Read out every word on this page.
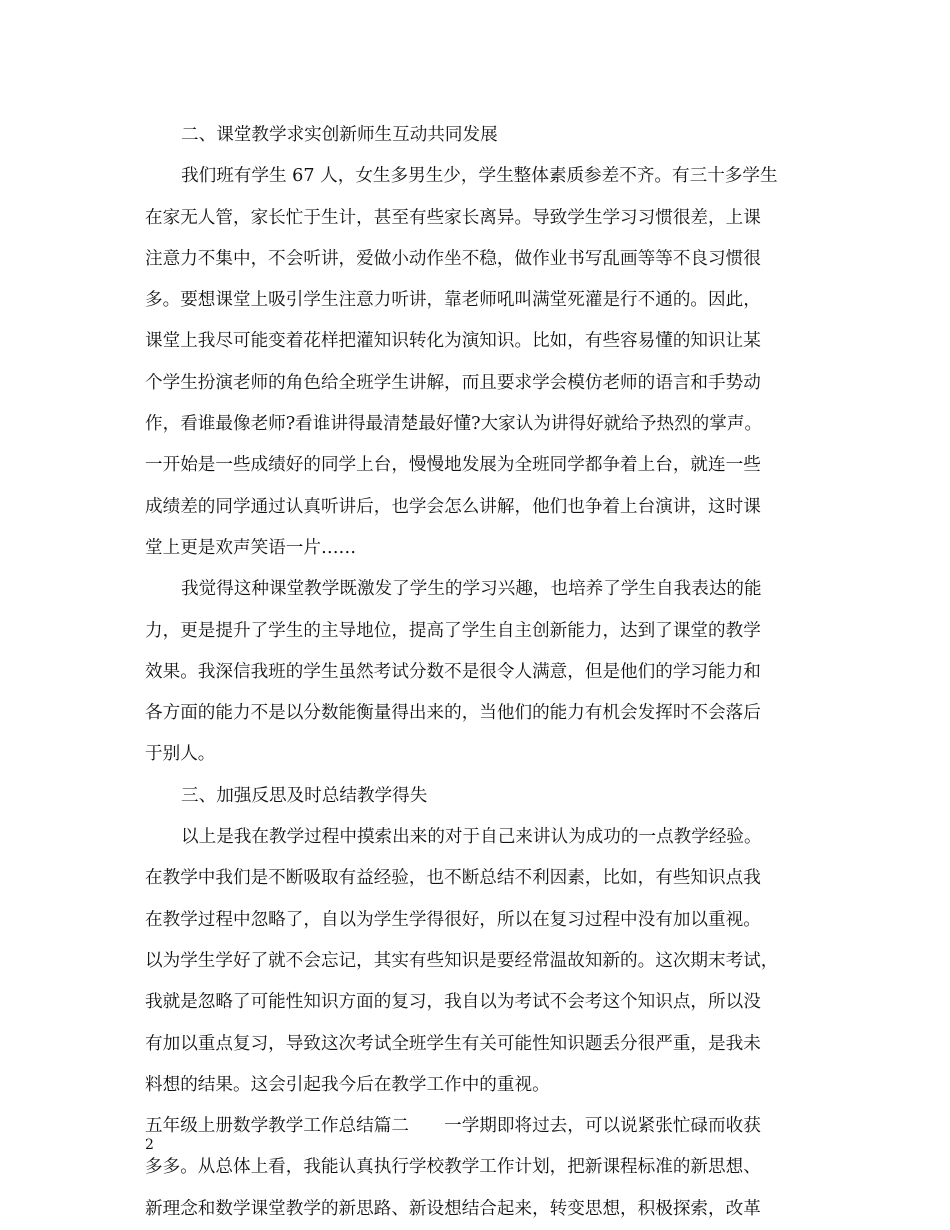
二、课堂教学求实创新师生互动共同发展
我们班有学生 67 人，女生多男生少，学生整体素质参差不齐。有三十多学生
在家无人管，家长忙于生计，甚至有些家长离异。导致学生学习习惯很差，上课
注意力不集中，不会听讲，爱做小动作坐不稳，做作业书写乱画等等不良习惯很
多。要想课堂上吸引学生注意力听讲，靠老师吼叫满堂死灌是行不通的。因此，
课堂上我尽可能变着花样把灌知识转化为演知识。比如，有些容易懂的知识让某
个学生扮演老师的角色给全班学生讲解，而且要求学会模仿老师的语言和手势动
作，看谁最像老师?看谁讲得最清楚最好懂?大家认为讲得好就给予热烈的掌声。
一开始是一些成绩好的同学上台，慢慢地发展为全班同学都争着上台，就连一些
成绩差的同学通过认真听讲后，也学会怎么讲解，他们也争着上台演讲，这时课
堂上更是欢声笑语一片……
我觉得这种课堂教学既激发了学生的学习兴趣，也培养了学生自我表达的能
力，更是提升了学生的主导地位，提高了学生自主创新能力，达到了课堂的教学
效果。我深信我班的学生虽然考试分数不是很令人满意，但是他们的学习能力和
各方面的能力不是以分数能衡量得出来的，当他们的能力有机会发挥时不会落后
于别人。
三、加强反思及时总结教学得失
以上是我在教学过程中摸索出来的对于自己来讲认为成功的一点教学经验。
在教学中我们是不断吸取有益经验，也不断总结不利因素，比如，有些知识点我
在教学过程中忽略了，自以为学生学得很好，所以在复习过程中没有加以重视。
以为学生学好了就不会忘记，其实有些知识是要经常温故知新的。这次期末考试，
我就是忽略了可能性知识方面的复习，我自以为考试不会考这个知识点，所以没
有加以重点复习，导致这次考试全班学生有关可能性知识题丢分很严重，是我未
料想的结果。这会引起我今后在教学工作中的重视。
五年级上册数学教学工作总结篇二　　一学期即将过去，可以说紧张忙碌而收获
多多。从总体上看，我能认真执行学校教学工作计划，把新课程标准的新思想、
新理念和数学课堂教学的新思路、新设想结合起来，转变思想，积极探索，改革
2
